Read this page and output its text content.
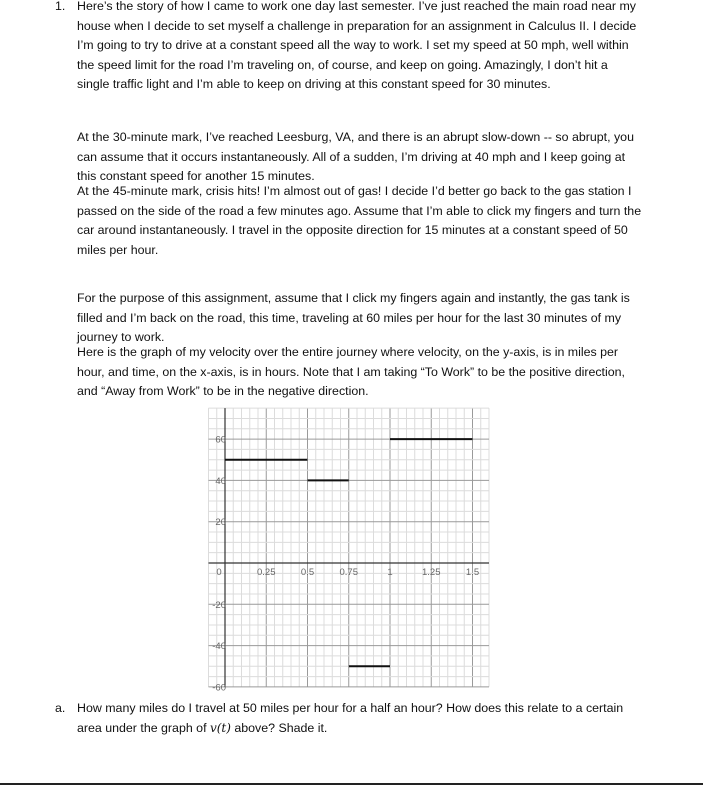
1. Here’s the story of how I came to work one day last semester. I’ve just reached the main road near my
house when I decide to set myself a challenge in preparation for an assignment in Calculus II. I decide
I’m going to try to drive at a constant speed all the way to work. I set my speed at 50 mph, well within
the speed limit for the road I’m traveling on, of course, and keep on going. Amazingly, I don’t hit a
single traffic light and I’m able to keep on driving at this constant speed for 30 minutes.
At the 30-minute mark, I’ve reached Leesburg, VA, and there is an abrupt slow-down -- so abrupt, you
can assume that it occurs instantaneously. All of a sudden, I’m driving at 40 mph and I keep going at
this constant speed for another 15 minutes.
At the 45-minute mark, crisis hits! I’m almost out of gas! I decide I’d better go back to the gas station I
passed on the side of the road a few minutes ago. Assume that I’m able to click my fingers and turn the
car around instantaneously. I travel in the opposite direction for 15 minutes at a constant speed of 50
miles per hour.
For the purpose of this assignment, assume that I click my fingers again and instantly, the gas tank is
filled and I’m back on the road, this time, traveling at 60 miles per hour for the last 30 minutes of my
journey to work.
Here is the graph of my velocity over the entire journey where velocity, on the y-axis, is in miles per
hour, and time, on the x-axis, is in hours. Note that I am taking “To Work” to be the positive direction,
and “Away from Work” to be in the negative direction.
0	0.25	0.5	0.75	1	1.25	1.5
60
40
20
-20
-40
-60
a. How many miles do I travel at 50 miles per hour for a half an hour? How does this relate to a certain
area under the graph of v(t) above? Shade it.
